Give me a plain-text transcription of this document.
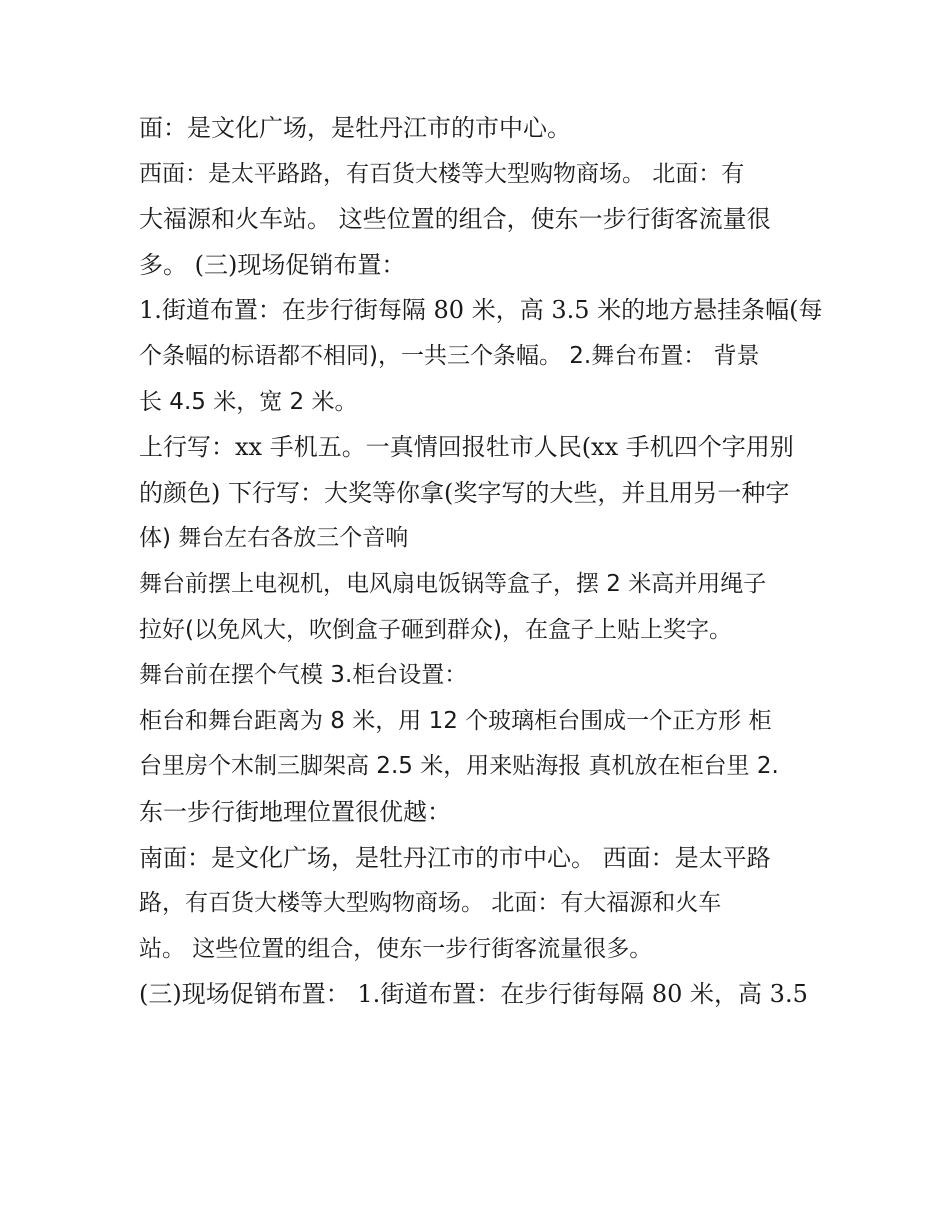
面：是文化广场，是牡丹江市的市中心。
西面：是太平路路，有百货大楼等大型购物商场。 北面：有
大福源和火车站。 这些位置的组合，使东一步行街客流量很
多。 (三)现场促销布置：
1.街道布置：在步行街每隔 80 米，高 3.5 米的地方悬挂条幅(每
个条幅的标语都不相同)，一共三个条幅。 2.舞台布置： 背景
长 4.5 米，宽 2 米。
上行写：xx 手机五。一真情回报牡市人民(xx 手机四个字用别
的颜色) 下行写：大奖等你拿(奖字写的大些，并且用另一种字
体) 舞台左右各放三个音响
舞台前摆上电视机，电风扇电饭锅等盒子，摆 2 米高并用绳子
拉好(以免风大，吹倒盒子砸到群众)，在盒子上贴上奖字。
舞台前在摆个气模 3.柜台设置：
柜台和舞台距离为 8 米，用 12 个玻璃柜台围成一个正方形 柜
台里房个木制三脚架高 2.5 米，用来贴海报 真机放在柜台里 2.
东一步行街地理位置很优越：
南面：是文化广场，是牡丹江市的市中心。 西面：是太平路
路，有百货大楼等大型购物商场。 北面：有大福源和火车
站。 这些位置的组合，使东一步行街客流量很多。
(三)现场促销布置： 1.街道布置：在步行街每隔 80 米，高 3.5
